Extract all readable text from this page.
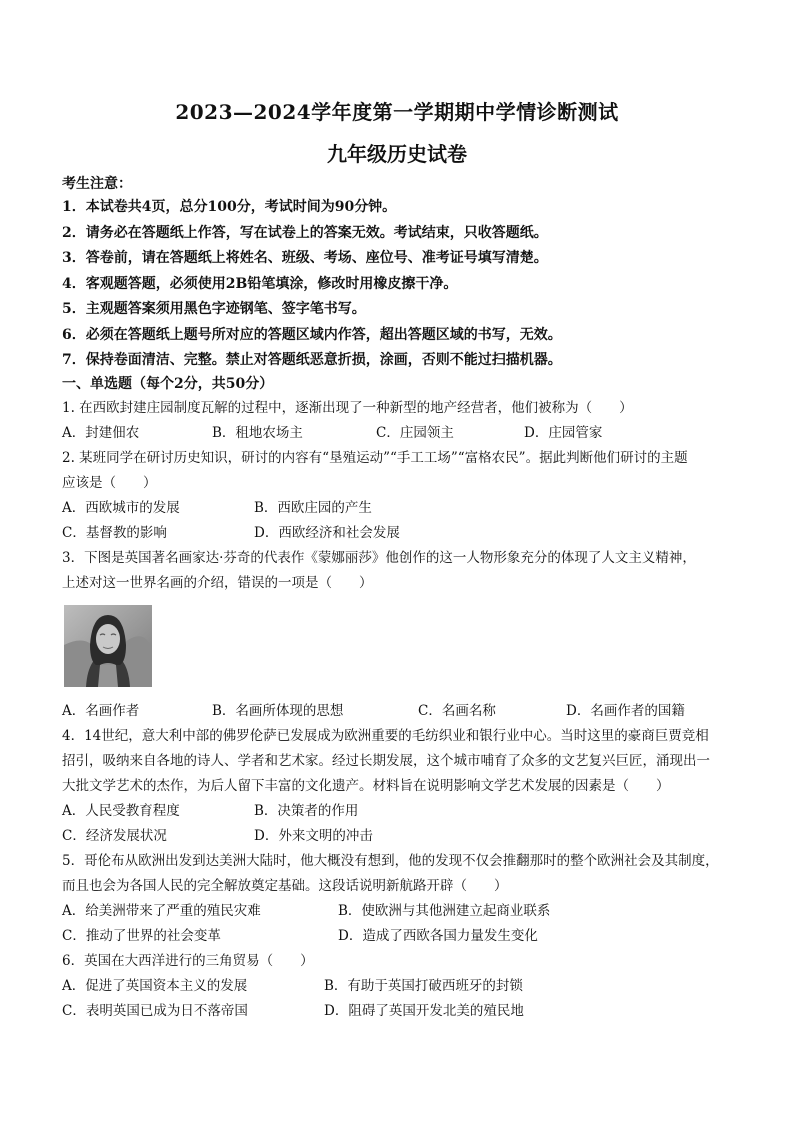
2023—2024学年度第一学期期中学情诊断测试
九年级历史试卷
考生注意：
1．本试卷共4页，总分100分，考试时间为90分钟。
2．请务必在答题纸上作答，写在试卷上的答案无效。考试结束，只收答题纸。
3．答卷前，请在答题纸上将姓名、班级、考场、座位号、准考证号填写清楚。
4．客观题答题，必须使用2B铅笔填涂，修改时用橡皮擦干净。
5．主观题答案须用黑色字迹钢笔、签字笔书写。
6．必须在答题纸上题号所对应的答题区域内作答，超出答题区域的书写，无效。
7．保持卷面清洁、完整。禁止对答题纸恶意折损，涂画，否则不能过扫描机器。
一、单选题（每个2分，共50分）
1. 在西欧封建庄园制度瓦解的过程中，逐渐出现了一种新型的地产经营者，他们被称为（　　）
A．封建佃农	B．租地农场主	C．庄园领主	D．庄园管家
2. 某班同学在研讨历史知识，研讨的内容有“垦殖运动”“手工工场”“富格农民”。据此判断他们研讨的主题
应该是（　　）
A．西欧城市的发展	B．西欧庄园的产生
C．基督教的影响	D．西欧经济和社会发展
3．下图是英国著名画家达·芬奇的代表作《蒙娜丽莎》他创作的这一人物形象充分的体现了人文主义精神，
上述对这一世界名画的介绍，错误的一项是（　　）
A．名画作者	B．名画所体现的思想	C．名画名称	D．名画作者的国籍
4．14世纪，意大利中部的佛罗伦萨已发展成为欧洲重要的毛纺织业和银行业中心。当时这里的豪商巨贾竞相
招引，吸纳来自各地的诗人、学者和艺术家。经过长期发展，这个城市哺育了众多的文艺复兴巨匠，涌现出一
大批文学艺术的杰作，为后人留下丰富的文化遗产。材料旨在说明影响文学艺术发展的因素是（　　）
A．人民受教育程度	B．决策者的作用
C．经济发展状况	D．外来文明的冲击
5．哥伦布从欧洲出发到达美洲大陆时，他大概没有想到，他的发现不仅会推翻那时的整个欧洲社会及其制度，
而且也会为各国人民的完全解放奠定基础。这段话说明新航路开辟（　　）
A．给美洲带来了严重的殖民灾难	B．使欧洲与其他洲建立起商业联系
C．推动了世界的社会变革	D．造成了西欧各国力量发生变化
6．英国在大西洋进行的三角贸易（　　）
A．促进了英国资本主义的发展	B．有助于英国打破西班牙的封锁
C．表明英国已成为日不落帝国	D．阻碍了英国开发北美的殖民地
